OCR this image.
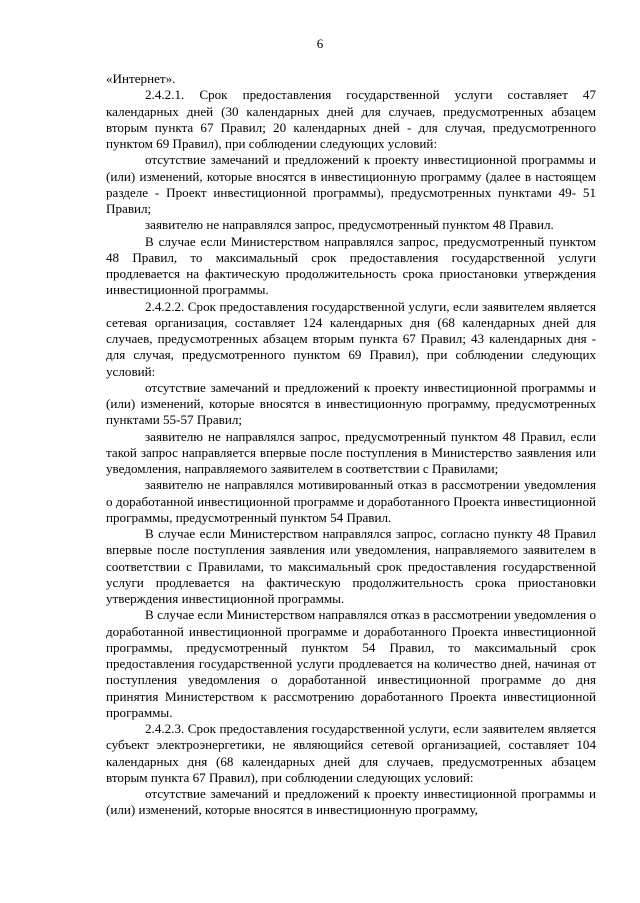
6

«Интернет».

2.4.2.1. Срок предоставления государственной услуги составляет 47 календарных дней (30 календарных дней для случаев, предусмотренных абзацем вторым пункта 67 Правил; 20 календарных дней - для случая, предусмотренного пунктом 69 Правил), при соблюдении следующих условий:

отсутствие замечаний и предложений к проекту инвестиционной программы и (или) изменений, которые вносятся в инвестиционную программу (далее в настоящем разделе - Проект инвестиционной программы), предусмотренных пунктами 49- 51 Правил;

заявителю не направлялся запрос, предусмотренный пунктом 48 Правил.

В случае если Министерством направлялся запрос, предусмотренный пунктом 48 Правил, то максимальный срок предоставления государственной услуги продлевается на фактическую продолжительность срока приостановки утверждения инвестиционной программы.

2.4.2.2. Срок предоставления государственной услуги, если заявителем является сетевая организация, составляет 124 календарных дня (68 календарных дней для случаев, предусмотренных абзацем вторым пункта 67 Правил; 43 календарных дня - для случая, предусмотренного пунктом 69 Правил), при соблюдении следующих условий:

отсутствие замечаний и предложений к проекту инвестиционной программы и (или) изменений, которые вносятся в инвестиционную программу, предусмотренных пунктами 55-57 Правил;

заявителю не направлялся запрос, предусмотренный пунктом 48 Правил, если такой запрос направляется впервые после поступления в Министерство заявления или уведомления, направляемого заявителем в соответствии с Правилами;

заявителю не направлялся мотивированный отказ в рассмотрении уведомления о доработанной инвестиционной программе и доработанного Проекта инвестиционной программы, предусмотренный пунктом 54 Правил.

В случае если Министерством направлялся запрос, согласно пункту 48 Правил впервые после поступления заявления или уведомления, направляемого заявителем в соответствии с Правилами, то максимальный срок предоставления государственной услуги продлевается на фактическую продолжительность срока приостановки утверждения инвестиционной программы.

В случае если Министерством направлялся отказ в рассмотрении уведомления о доработанной инвестиционной программе и доработанного Проекта инвестиционной программы, предусмотренный пунктом 54 Правил, то максимальный срок предоставления государственной услуги продлевается на количество дней, начиная от поступления уведомления о доработанной инвестиционной программе до дня принятия Министерством к рассмотрению доработанного Проекта инвестиционной программы.

2.4.2.3. Срок предоставления государственной услуги, если заявителем является субъект электроэнергетики, не являющийся сетевой организацией, составляет 104 календарных дня (68 календарных дней для случаев, предусмотренных абзацем вторым пункта 67 Правил), при соблюдении следующих условий:

отсутствие замечаний и предложений к проекту инвестиционной программы и (или) изменений, которые вносятся в инвестиционную программу,
